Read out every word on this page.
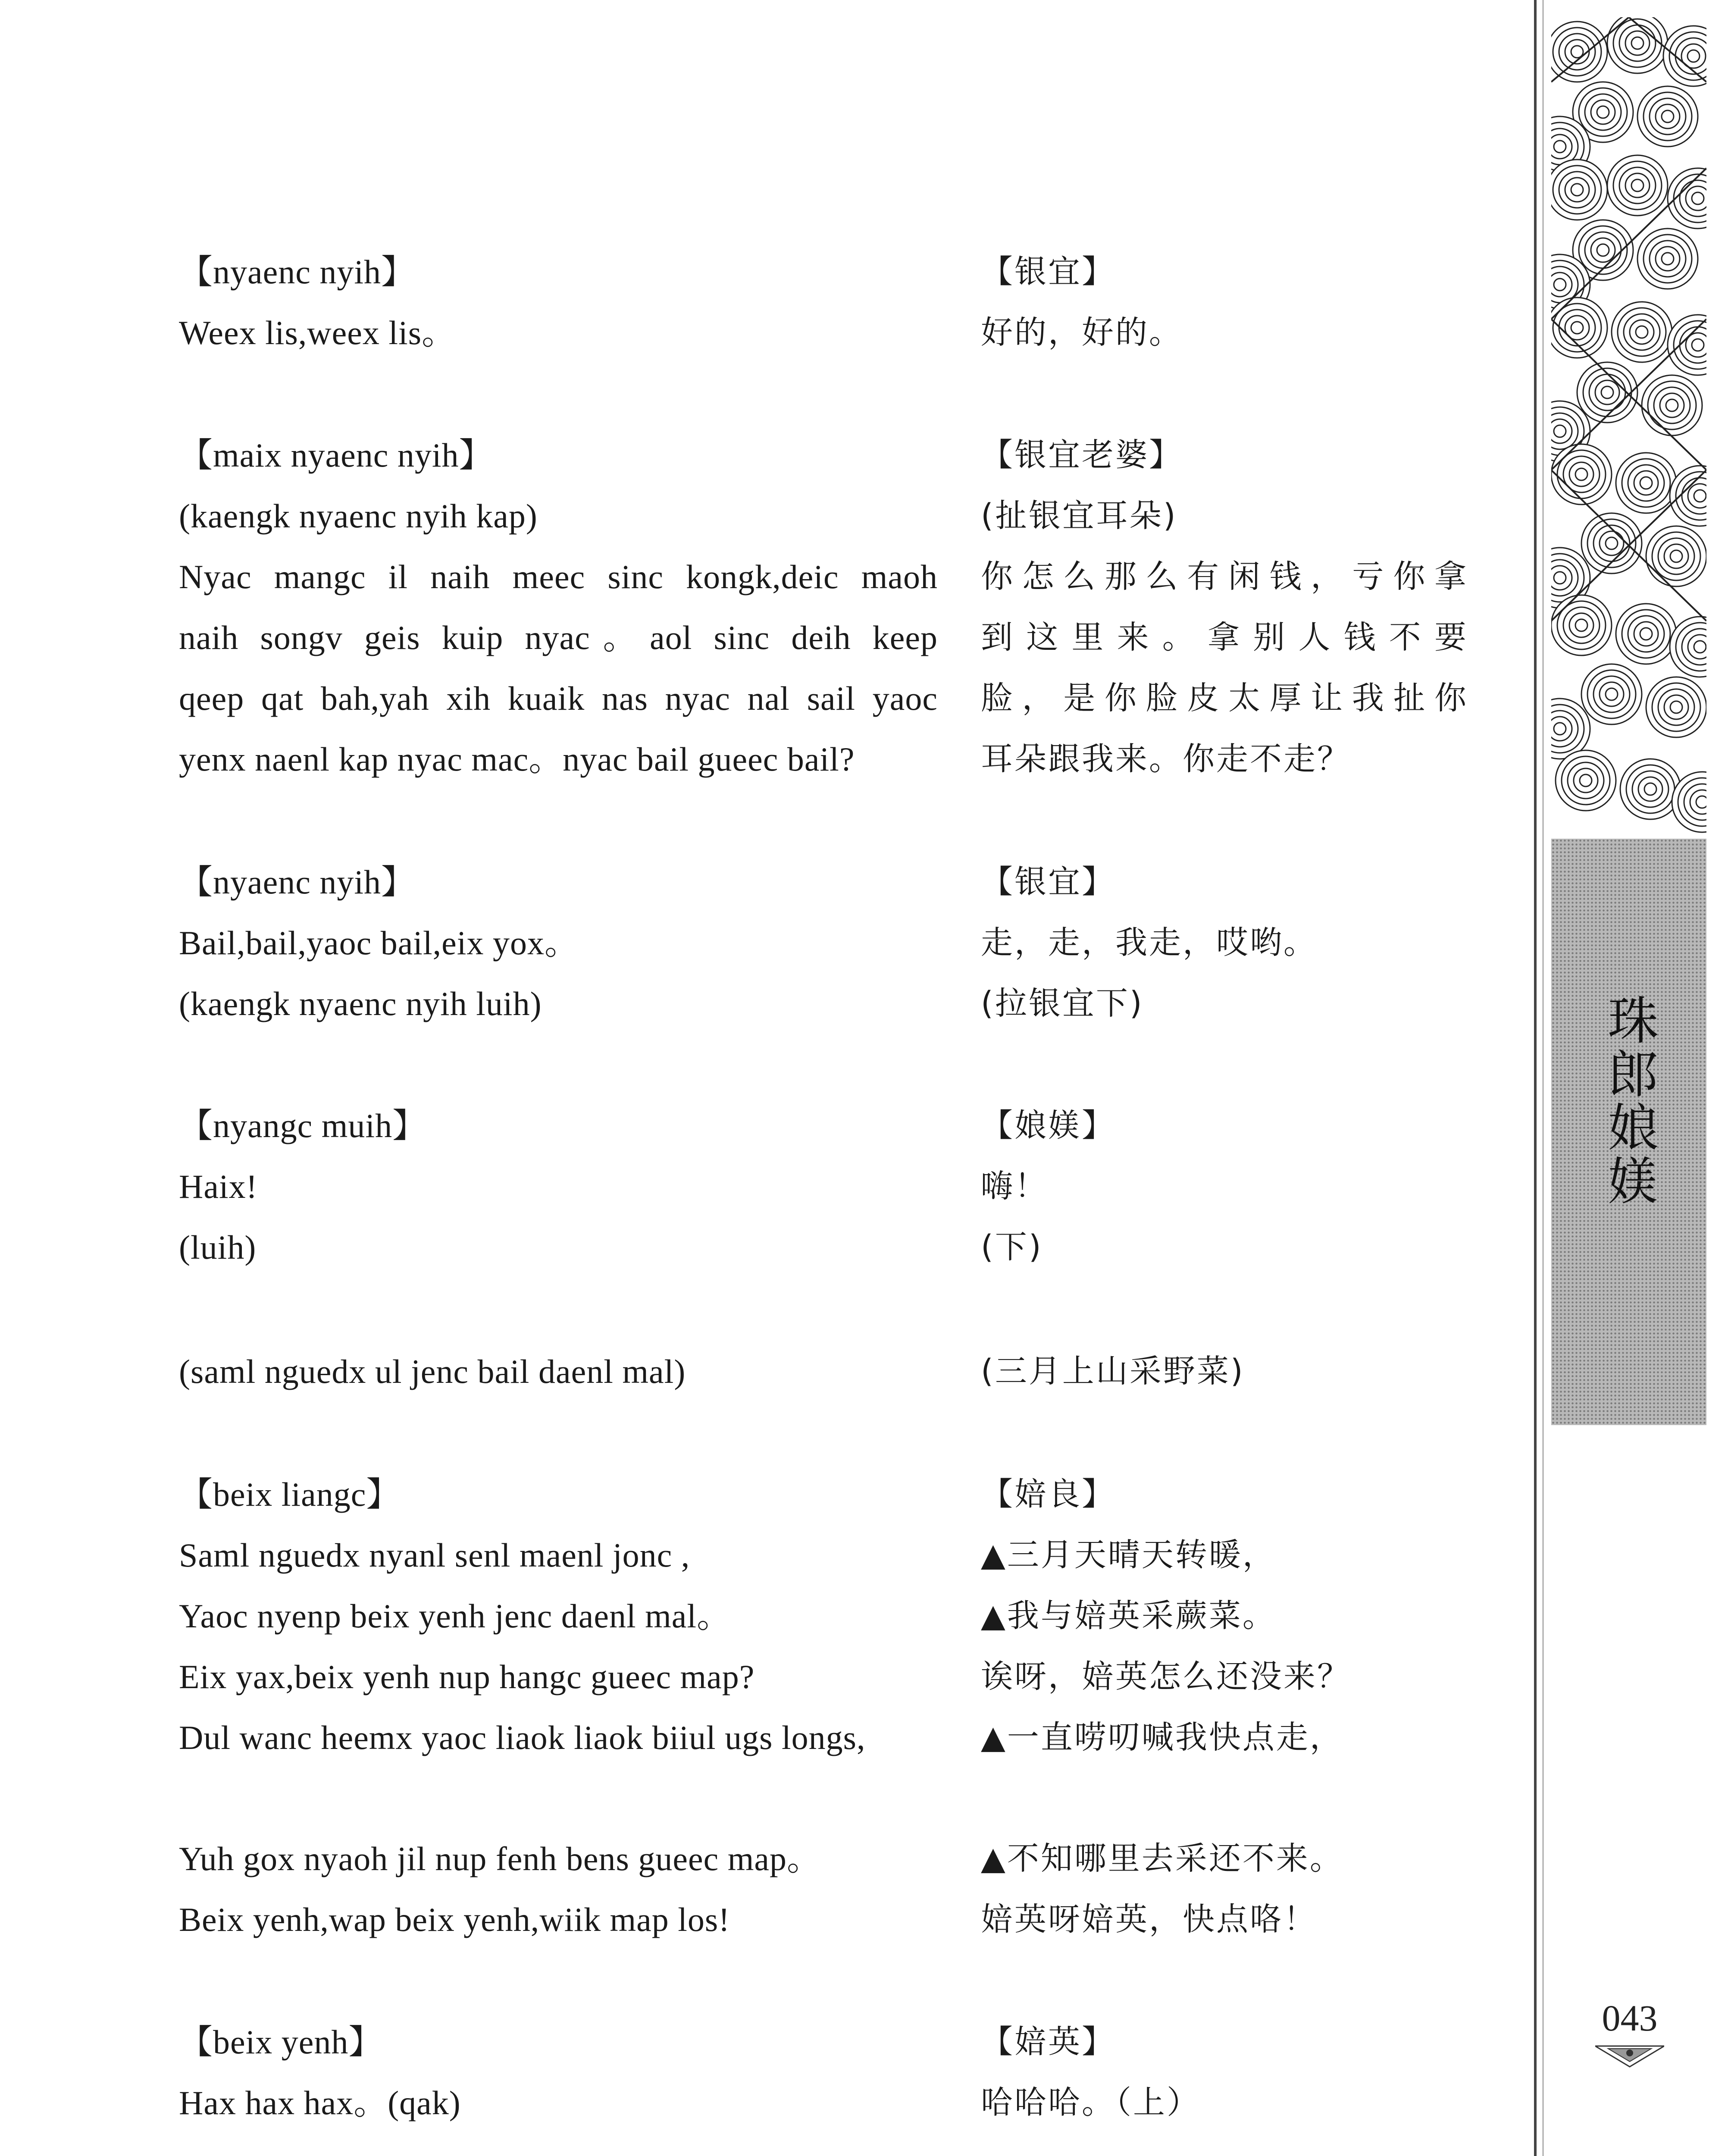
【nyaenc nyih】
Weex lis,weex lis。
【银宜】
好的，好的。
【maix nyaenc nyih】
(kaengk nyaenc nyih kap)
Nyac mangc il naih meec sinc kongk,deic maoh
naih songv geis kuip nyac。aol sinc deih keep
qeep qat bah,yah xih kuaik nas nyac nal sail yaoc
yenx naenl kap nyac mac。nyac bail gueec bail?
【银宜老婆】
(扯银宜耳朵)
你怎么那么有闲钱，亏你拿
到这里来。拿别人钱不要
脸，是你脸皮太厚让我扯你
耳朵跟我来。你走不走？
【nyaenc nyih】
Bail,bail,yaoc bail,eix yox。
(kaengk nyaenc nyih luih)
【银宜】
走，走，我走，哎哟。
(拉银宜下)
【nyangc muih】
Haix!
(luih)
【娘媄】
嗨！
(下)
(saml nguedx ul jenc bail daenl mal)	(三月上山采野菜)
【beix liangc】
Saml nguedx nyanl senl maenl jonc ,
Yaoc nyenp beix yenh jenc daenl mal。
Eix yax,beix yenh nup hangc gueec map?
Dul wanc heemx yaoc liaok liaok biiul ugs longs,
【婄良】
▲三月天晴天转暖，
▲我与婄英采蕨菜。
诶呀，婄英怎么还没来？
▲一直唠叨喊我快点走，
Yuh gox nyaoh jil nup fenh bens gueec map。
Beix yenh,wap beix yenh,wiik map los!
▲不知哪里去采还不来。
婄英呀婄英，快点咯！
【beix yenh】
Hax hax hax。(qak)
【婄英】
哈哈哈。（上）
珠郎娘媄
043
